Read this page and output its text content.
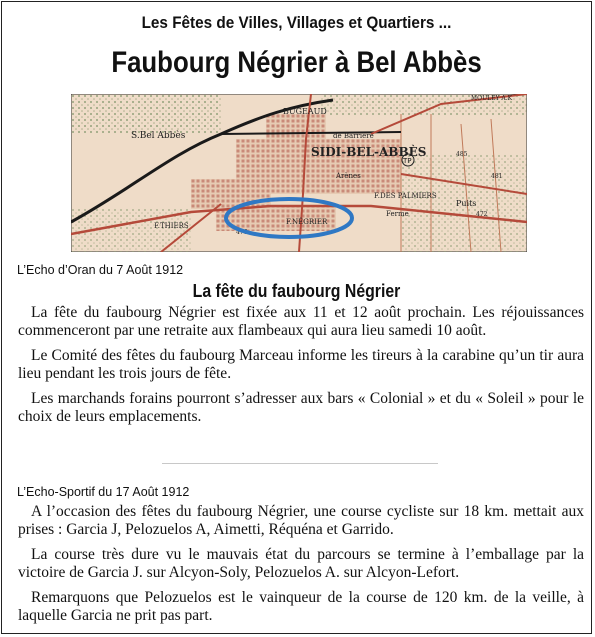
Les Fêtes de Villes, Villages et Quartiers ...
Faubourg Négrier à Bel Abbès
S.Bel Abbès
BUGEAUD
de Barrière
SIDI-BEL-ABBÈS
Arènes
F.DES PALMIERS
Ferme
Puits
F.THIERS	F.NÉGRIER
MOULEY A.K
472
476
485
481
TP
L’Echo d’Oran du 7 Août 1912
La fête du faubourg Négrier

La fête du faubourg Négrier est fixée aux 11 et 12 août prochain. Les réjouissances commenceront par une retraite aux flambeaux qui aura lieu samedi 10 août.

Le Comité des fêtes du faubourg Marceau informe les tireurs à la carabine qu’un tir aura lieu pendant les trois jours de fête.

Les marchands forains pourront s’adresser aux bars « Colonial » et du « Soleil » pour le choix de leurs emplacements.

L’Echo-Sportif du 17 Août 1912

A l’occasion des fêtes du faubourg Négrier, une course cycliste sur 18 km. mettait aux prises : Garcia J, Pelozuelos A, Aimetti, Réquéna et Garrido.

La course très dure vu le mauvais état du parcours se termine à l’emballage par la victoire de Garcia J. sur Alcyon-Soly, Pelozuelos A. sur Alcyon-Lefort.

Remarquons que Pelozuelos est le vainqueur de la course de 120 km. de la veille, à laquelle Garcia ne prit pas part.
